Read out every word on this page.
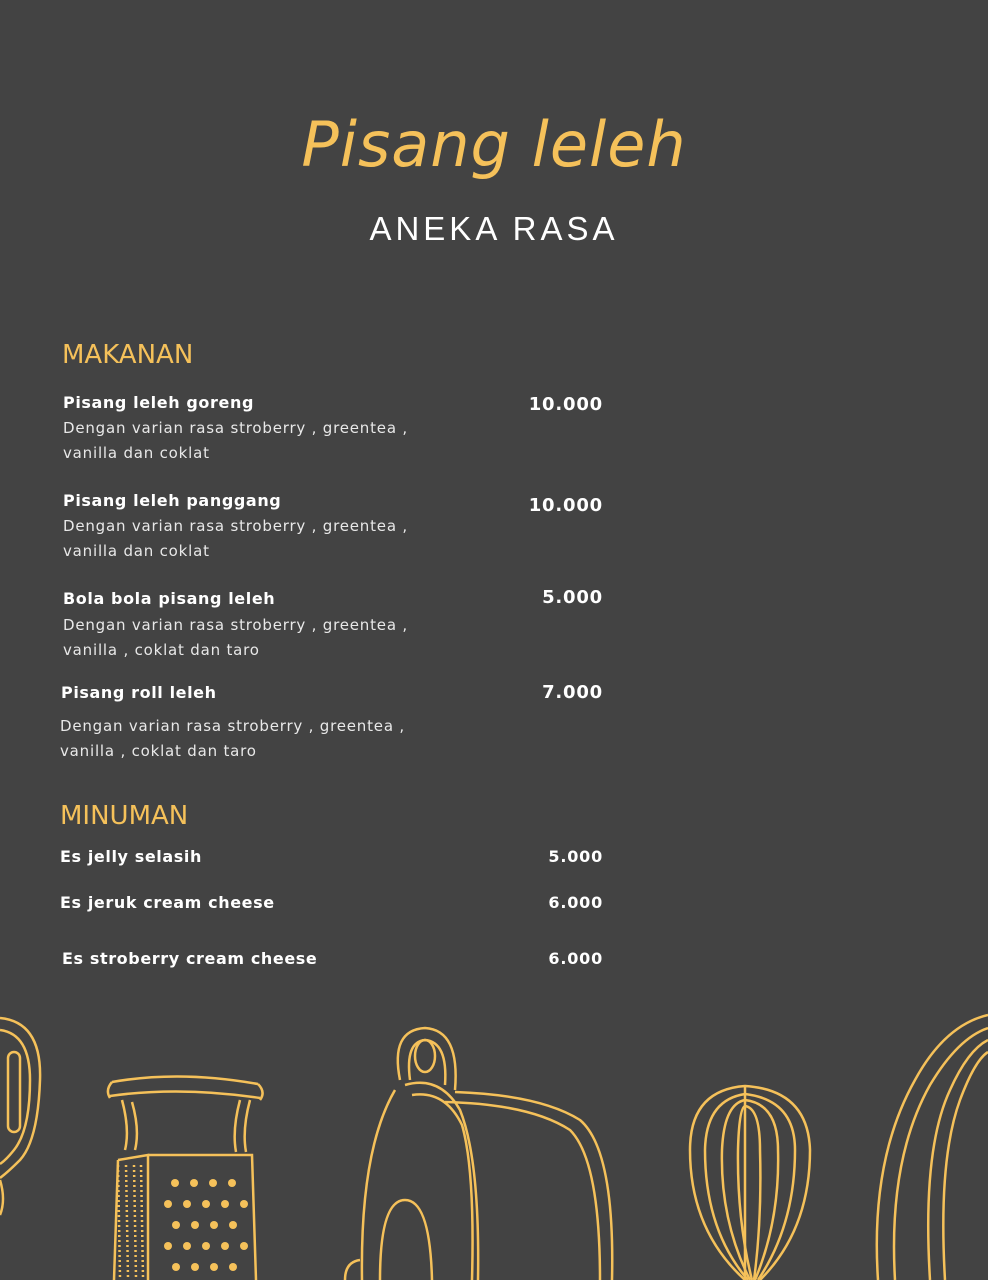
Pisang leleh
ANEKA RASA
MAKANAN
Pisang leleh goreng	10.000
Dengan varian rasa stroberry , greentea ,
vanilla dan coklat
Pisang leleh panggang	10.000
Dengan varian rasa stroberry , greentea ,
vanilla dan coklat
Bola bola pisang leleh	5.000
Dengan varian rasa stroberry , greentea ,
vanilla , coklat dan taro
Pisang roll leleh	7.000
Dengan varian rasa stroberry , greentea ,
vanilla , coklat dan taro
MINUMAN
Es jelly selasih	5.000
Es jeruk cream cheese	6.000
Es stroberry cream cheese	6.000
